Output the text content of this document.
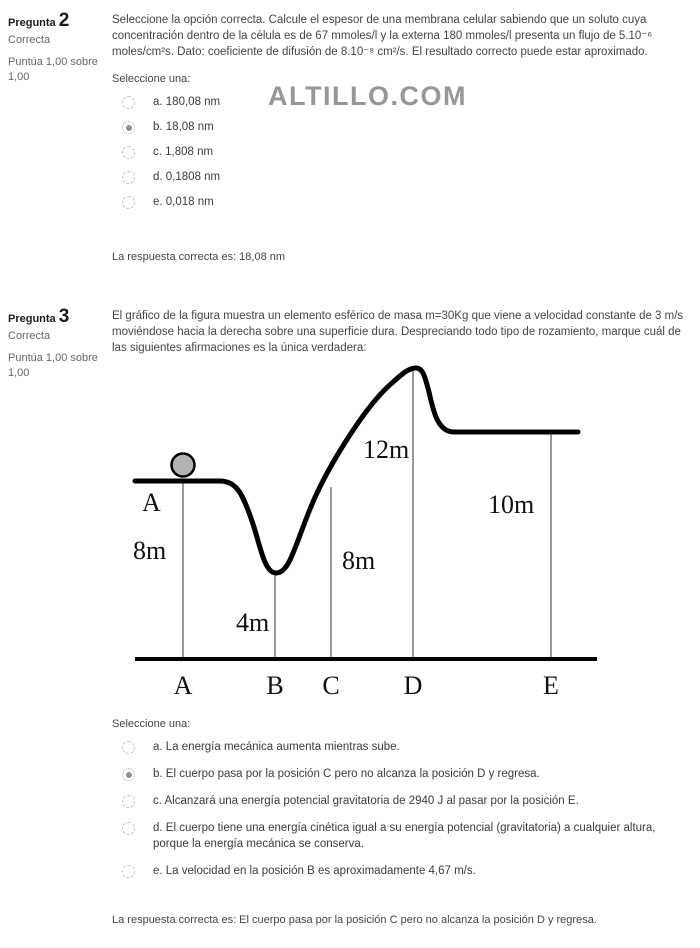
Pregunta 2
Correcta
Puntúa 1,00 sobre
1,00

Seleccione la opción correcta. Calcule el espesor de una membrana celular sabiendo que un soluto cuya concentración dentro de la célula es de 67 mmoles/l y la externa 180 mmoles/l presenta un flujo de 5.10⁻⁶ moles/cm²s. Dato: coeficiente de difusión de 8.10⁻⁸ cm²/s. El resultado correcto puede estar aproximado.

ALTILLO.COM
Seleccione una:
a. 180,08 nm
b. 18,08 nm
c. 1,808 nm
d. 0,1808 nm
e. 0,018 nm
La respuesta correcta es: 18,08 nm
Pregunta 3
Correcta
Puntúa 1,00 sobre
1,00

El gráfico de la figura muestra un elemento esférico de masa m=30Kg que viene a velocidad constante de 3 m/s moviéndose hacia la derecha sobre una superficie dura. Despreciando todo tipo de rozamiento, marque cuál de las siguientes afirmaciones es la única verdadera:

A
8m
4m
8m
12m
10m
A	B C D	E
Seleccione una:
a. La energía mecánica aumenta mientras sube.
b. El cuerpo pasa por la posición C pero no alcanza la posición D y regresa.
c. Alcanzará una energía potencial gravitatoria de 2940 J al pasar por la posición E.
d. El cuerpo tiene una energía cinética igual a su energía potencial (gravitatoria) a cualquier altura, porque la energía mecánica se conserva.
e. La velocidad en la posición B es aproximadamente 4,67 m/s.
La respuesta correcta es: El cuerpo pasa por la posición C pero no alcanza la posición D y regresa.
